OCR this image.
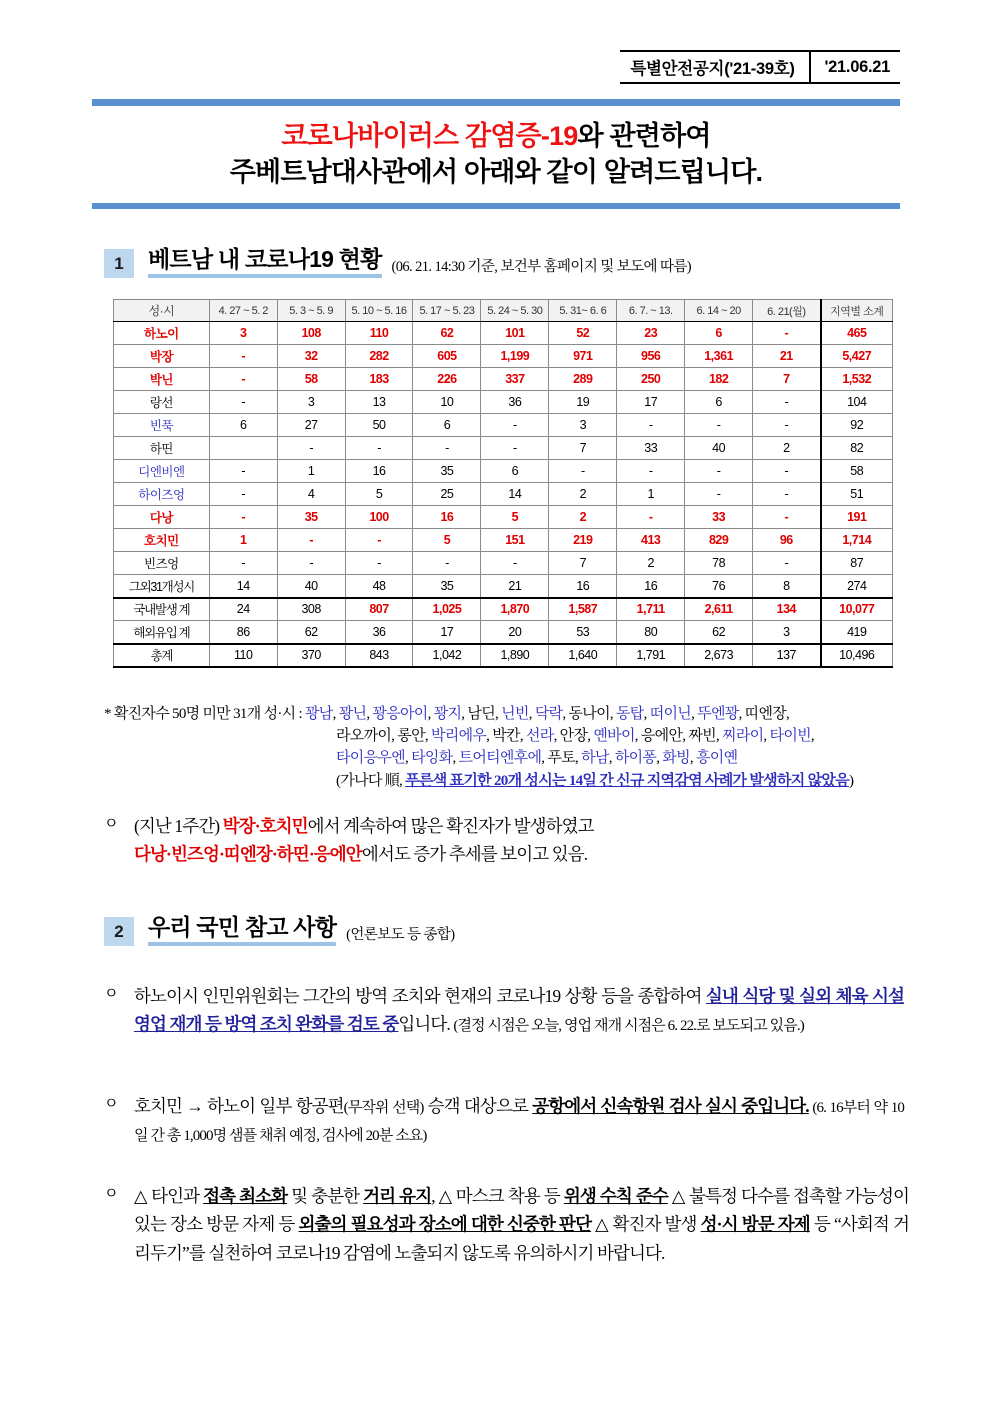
특별안전공지('21-39호)	'21.06.21
코로나바이러스 감염증-19와 관련하여
주베트남대사관에서 아래와 같이 알려드립니다.
1	베트남 내 코로나19 현황 (06. 21. 14:30 기준, 보건부 홈페이지 및 보도에 따름)
성·시	4. 27 ~ 5. 2	5. 3 ~ 5. 9	5. 10 ~ 5. 16	5. 17 ~ 5. 23	5. 24 ~ 5. 30	5. 31~ 6. 6	6. 7. ~ 13.	6. 14 ~ 20	6. 21(월)	지역별 소계
하노이	3	108	110	62	101	52	23	6	-	465
박장	-	32	282	605	1,199	971	956	1,361	21	5,427
박닌	-	58	183	226	337	289	250	182	7	1,532
랑선	-	3	13	10	36	19	17	6	-	104
빈푹	6	27	50	6	-	3	-	-	-	92
하띤		-	-	-	-	7	33	40	2	82
디엔비엔	-	1	16	35	6	-	-	-	-	58
하이즈엉	-	4	5	25	14	2	1	-	-	51
다낭	-	35	100	16	5	2	-	33	-	191
호치민	1	-	-	5	151	219	413	829	96	1,714
빈즈엉	-	-	-	-	-	7	2	78	-	87
그외31개성시	14	40	48	35	21	16	16	76	8	274
국내발생 계	24	308	807	1,025	1,870	1,587	1,711	2,611	134	10,077
해외유입 계	86	62	36	17	20	53	80	62	3	419
총계	110	370	843	1,042	1,890	1,640	1,791	2,673	137	10,496
* 확진자수 50명 미만 31개 성·시 : 꽝남, 꽝닌, 꽝응아이, 꽝지, 남딘, 닌빈, 닥락, 동나이, 동탑, 떠이닌, 뚜엔꽝, 띠엔장,
라오까이, 롱안, 박리에우, 박칸, 선라, 안장, 옌바이, 응에안, 짜빈, 찌라이, 타이빈,
타이응우엔, 타잉화, 트어티엔후에, 푸토, 하남, 하이퐁, 화빙, 흥이옌
(가나다 順, 푸른색 표기한 20개 성시는 14일 간 신규 지역감염 사례가 발생하지 않았음)
ㅇ (지난 1주간) 박장·호치민에서 계속하여 많은 확진자가 발생하였고
다낭·빈즈엉·띠엔장·하띤·응에안에서도 증가 추세를 보이고 있음.
2	우리 국민 참고 사항 (언론보도 등 종합)
ㅇ 하노이시 인민위원회는 그간의 방역 조치와 현재의 코로나19 상황 등을 종합하여 실내 식당 및 실외 체육 시설 영업 재개 등 방역 조치 완화를 검토 중입니다. (결정 시점은 오늘, 영업 재개 시점은 6. 22.로 보도되고 있음.)
ㅇ 호치민 → 하노이 일부 항공편(무작위 선택) 승객 대상으로 공항에서 신속항원 검사 실시 중입니다. (6. 16부터 약 10일 간 총 1,000명 샘플 채취 예정, 검사에 20분 소요)
ㅇ △ 타인과 접촉 최소화 및 충분한 거리 유지, △ 마스크 착용 등 위생 수칙 준수 △ 불특정 다수를 접촉할 가능성이 있는 장소 방문 자제 등 외출의 필요성과 장소에 대한 신중한 판단 △ 확진자 발생 성·시 방문 자제 등 “사회적 거리두기”를 실천하여 코로나19 감염에 노출되지 않도록 유의하시기 바랍니다.
